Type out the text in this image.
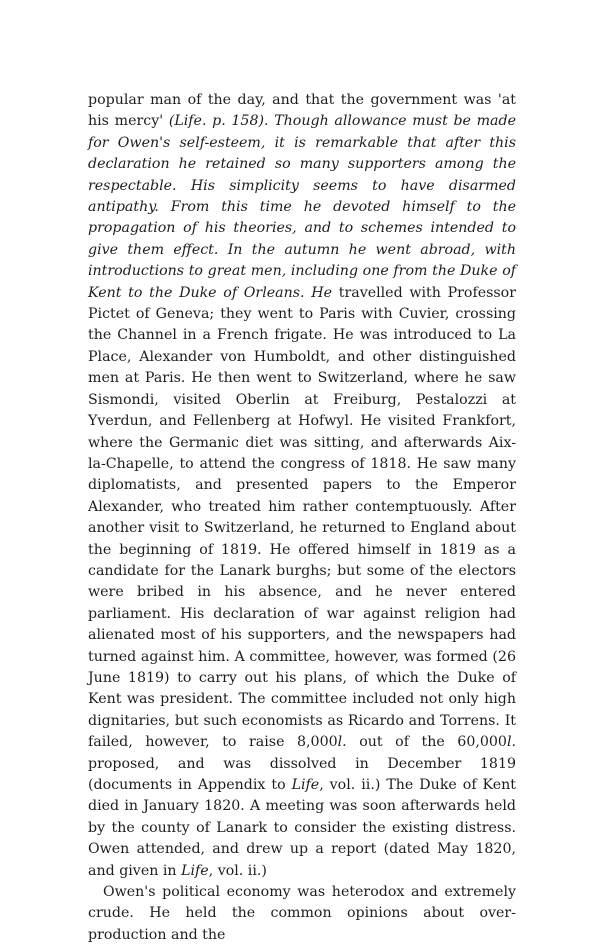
popular man of the day, and that the government was 'at his mercy' (Life. p. 158). Though allowance must be made for Owen's self-esteem, it is remarkable that after this declaration he retained so many supporters among the respectable. His simplicity seems to have disarmed antipathy. From this time he devoted himself to the propagation of his theories, and to schemes intended to give them effect. In the autumn he went abroad, with introductions to great men, including one from the Duke of Kent to the Duke of Orleans. He travelled with Professor Pictet of Geneva; they went to Paris with Cuvier, crossing the Channel in a French frigate. He was introduced to La Place, Alexander von Humboldt, and other distinguished men at Paris. He then went to Switzerland, where he saw Sismondi, visited Oberlin at Freiburg, Pestalozzi at Yverdun, and Fellenberg at Hofwyl. He visited Frankfort, where the Germanic diet was sitting, and afterwards Aix-la-Chapelle, to attend the congress of 1818. He saw many diplomatists, and presented papers to the Emperor Alexander, who treated him rather contemptuously. After another visit to Switzerland, he returned to England about the beginning of 1819. He offered himself in 1819 as a candidate for the Lanark burghs; but some of the electors were bribed in his absence, and he never entered parliament. His declaration of war against religion had alienated most of his supporters, and the newspapers had turned against him. A committee, however, was formed (26 June 1819) to carry out his plans, of which the Duke of Kent was president. The committee included not only high dignitaries, but such economists as Ricardo and Torrens. It failed, however, to raise 8,000l. out of the 60,000l. proposed, and was dissolved in December 1819 (documents in Appendix to Life, vol. ii.) The Duke of Kent died in January 1820. A meeting was soon afterwards held by the county of Lanark to consider the existing distress. Owen attended, and drew up a report (dated May 1820, and given in Life, vol. ii.)

Owen's political economy was heterodox and extremely crude. He held the common opinions about over-production and the
